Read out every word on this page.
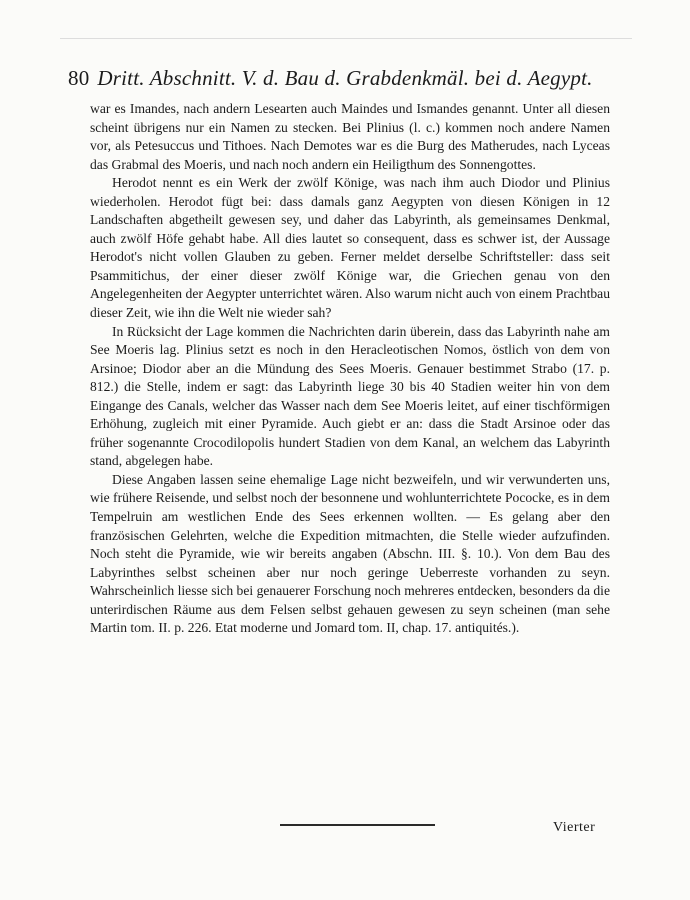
80 Dritt. Abschnitt. V. d. Bau d. Grabdenkmäl. bei d. Aegypt.

war es Imandes, nach andern Lesearten auch Maindes und Ismandes genannt. Unter all diesen scheint übrigens nur ein Namen zu stecken. Bei Plinius (l. c.) kommen noch andere Namen vor, als Petesuccus und Tithoes. Nach Demotes war es die Burg des Matherudes, nach Lyceas das Grabmal des Moeris, und nach noch andern ein Heiligthum des Sonnengottes.

Herodot nennt es ein Werk der zwölf Könige, was nach ihm auch Diodor und Plinius wiederholen. Herodot fügt bei: dass damals ganz Aegypten von diesen Königen in 12 Landschaften abgetheilt gewesen sey, und daher das Labyrinth, als gemeinsames Denkmal, auch zwölf Höfe gehabt habe. All dies lautet so consequent, dass es schwer ist, der Aussage Herodot's nicht vollen Glauben zu geben. Ferner meldet derselbe Schriftsteller: dass seit Psammitichus, der einer dieser zwölf Könige war, die Griechen genau von den Angelegenheiten der Aegypter unterrichtet wären. Also warum nicht auch von einem Prachtbau dieser Zeit, wie ihn die Welt nie wieder sah?

In Rücksicht der Lage kommen die Nachrichten darin überein, dass das Labyrinth nahe am See Moeris lag. Plinius setzt es noch in den Heracleotischen Nomos, östlich von dem von Arsinoe; Diodor aber an die Mündung des Sees Moeris. Genauer bestimmet Strabo (17. p. 812.) die Stelle, indem er sagt: das Labyrinth liege 30 bis 40 Stadien weiter hin von dem Eingange des Canals, welcher das Wasser nach dem See Moeris leitet, auf einer tischförmigen Erhöhung, zugleich mit einer Pyramide. Auch giebt er an: dass die Stadt Arsinoe oder das früher sogenannte Crocodilopolis hundert Stadien von dem Kanal, an welchem das Labyrinth stand, abgelegen habe.

Diese Angaben lassen seine ehemalige Lage nicht bezweifeln, und wir verwunderten uns, wie frühere Reisende, und selbst noch der besonnene und wohlunterrichtete Pococke, es in dem Tempelruin am westlichen Ende des Sees erkennen wollten. — Es gelang aber den französischen Gelehrten, welche die Expedition mitmachten, die Stelle wieder aufzufinden. Noch steht die Pyramide, wie wir bereits angaben (Abschn. III. §. 10.). Von dem Bau des Labyrinthes selbst scheinen aber nur noch geringe Ueberreste vorhanden zu seyn. Wahrscheinlich liesse sich bei genauerer Forschung noch mehreres entdecken, besonders da die unterirdischen Räume aus dem Felsen selbst gehauen gewesen zu seyn scheinen (man sehe Martin tom. II. p. 226. Etat moderne und Jomard tom. II, chap. 17. antiquités.).

Vierter
